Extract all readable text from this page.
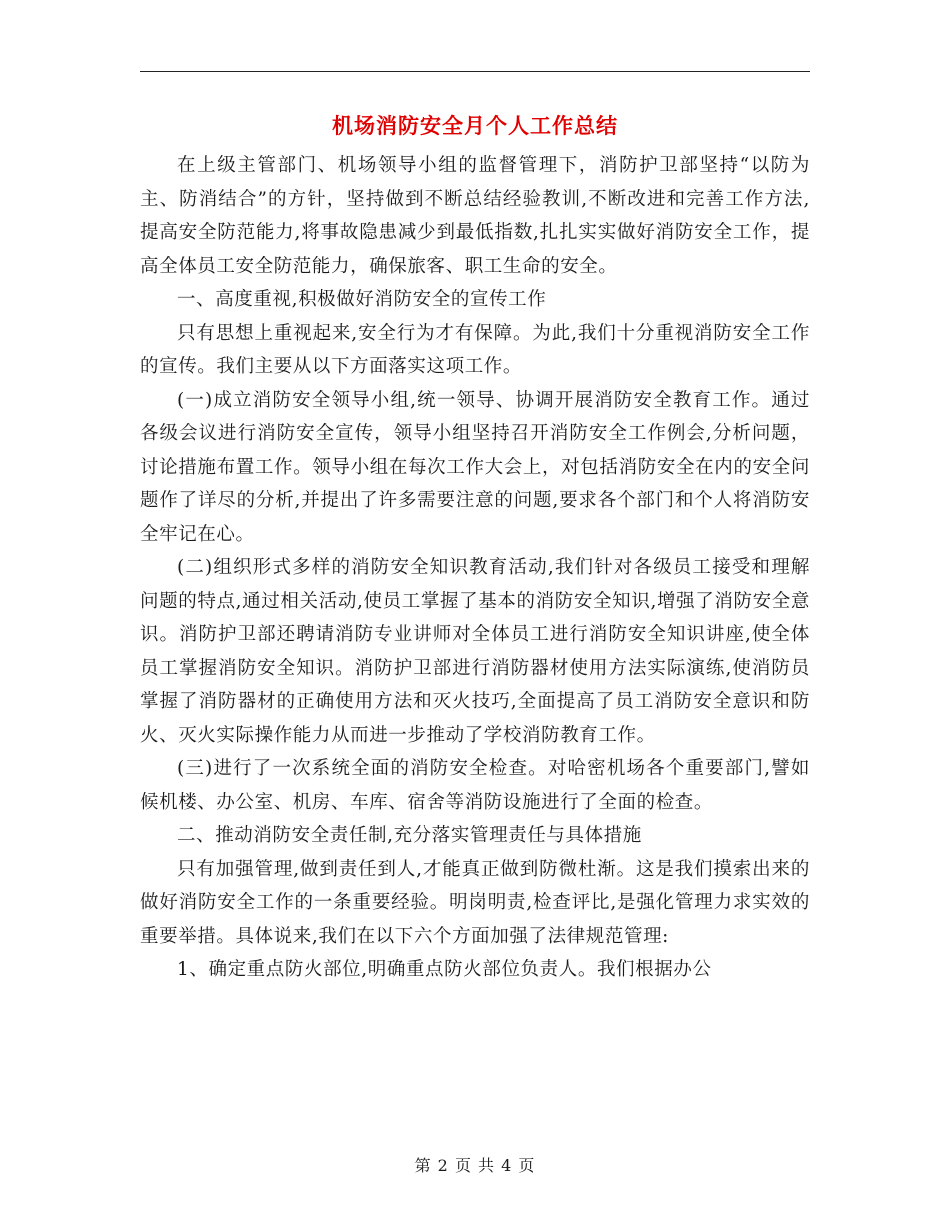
机场消防安全月个人工作总结

在上级主管部门、机场领导小组的监督管理下，消防护卫部坚持“以防为主、防消结合”的方针，坚持做到不断总结经验教训,不断改进和完善工作方法,提高安全防范能力,将事故隐患减少到最低指数,扎扎实实做好消防安全工作，提高全体员工安全防范能力，确保旅客、职工生命的安全。

一、高度重视,积极做好消防安全的宣传工作

只有思想上重视起来,安全行为才有保障。为此,我们十分重视消防安全工作的宣传。我们主要从以下方面落实这项工作。

(一)成立消防安全领导小组,统一领导、协调开展消防安全教育工作。通过各级会议进行消防安全宣传，领导小组坚持召开消防安全工作例会,分析问题，讨论措施布置工作。领导小组在每次工作大会上，对包括消防安全在内的安全问题作了详尽的分析,并提出了许多需要注意的问题,要求各个部门和个人将消防安全牢记在心。

(二)组织形式多样的消防安全知识教育活动,我们针对各级员工接受和理解问题的特点,通过相关活动,使员工掌握了基本的消防安全知识,增强了消防安全意识。消防护卫部还聘请消防专业讲师对全体员工进行消防安全知识讲座,使全体员工掌握消防安全知识。消防护卫部进行消防器材使用方法实际演练,使消防员掌握了消防器材的正确使用方法和灭火技巧,全面提高了员工消防安全意识和防火、灭火实际操作能力从而进一步推动了学校消防教育工作。

(三)进行了一次系统全面的消防安全检查。对哈密机场各个重要部门,譬如候机楼、办公室、机房、车库、宿舍等消防设施进行了全面的检查。

二、推动消防安全责任制,充分落实管理责任与具体措施

只有加强管理,做到责任到人,才能真正做到防微杜渐。这是我们摸索出来的做好消防安全工作的一条重要经验。明岗明责,检查评比,是强化管理力求实效的重要举措。具体说来,我们在以下六个方面加强了法律规范管理:

1、确定重点防火部位,明确重点防火部位负责人。我们根据办公

第 2 页 共 4 页
